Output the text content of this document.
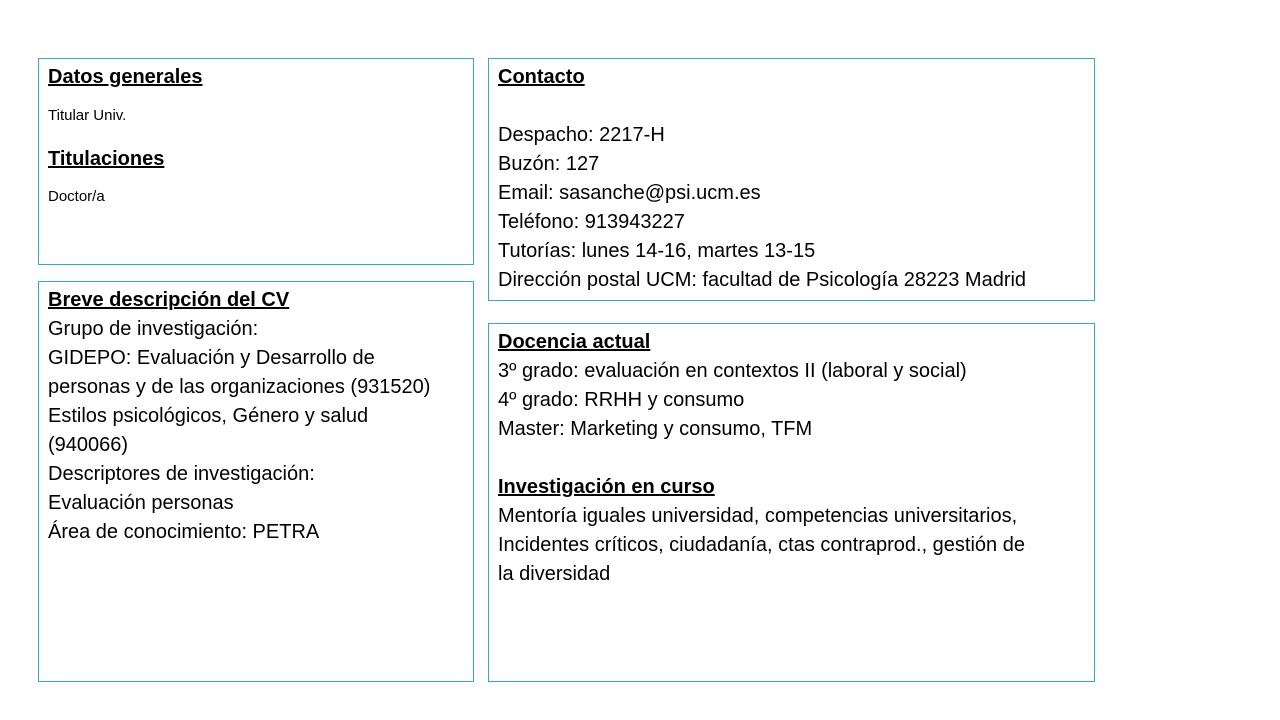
Datos generales

Titular Univ.

Titulaciones

Doctor/a

Contacto

Despacho: 2217-H

Buzón: 127

Email: sasanche@psi.ucm.es

Teléfono: 913943227

Tutorías: lunes 14-16, martes 13-15

Dirección postal UCM: facultad de Psicología 28223 Madrid

Breve descripción del CV

Grupo de investigación:

GIDEPO: Evaluación y Desarrollo de

personas y de las organizaciones (931520)

Estilos psicológicos, Género y salud

(940066)

Descriptores de investigación:

Evaluación personas

Área de conocimiento: PETRA

Docencia actual

3º grado: evaluación en contextos II (laboral y social)

4º grado: RRHH y consumo

Master: Marketing y consumo, TFM

Investigación en curso

Mentoría iguales universidad, competencias universitarios,

Incidentes críticos, ciudadanía, ctas contraprod., gestión de

la diversidad
